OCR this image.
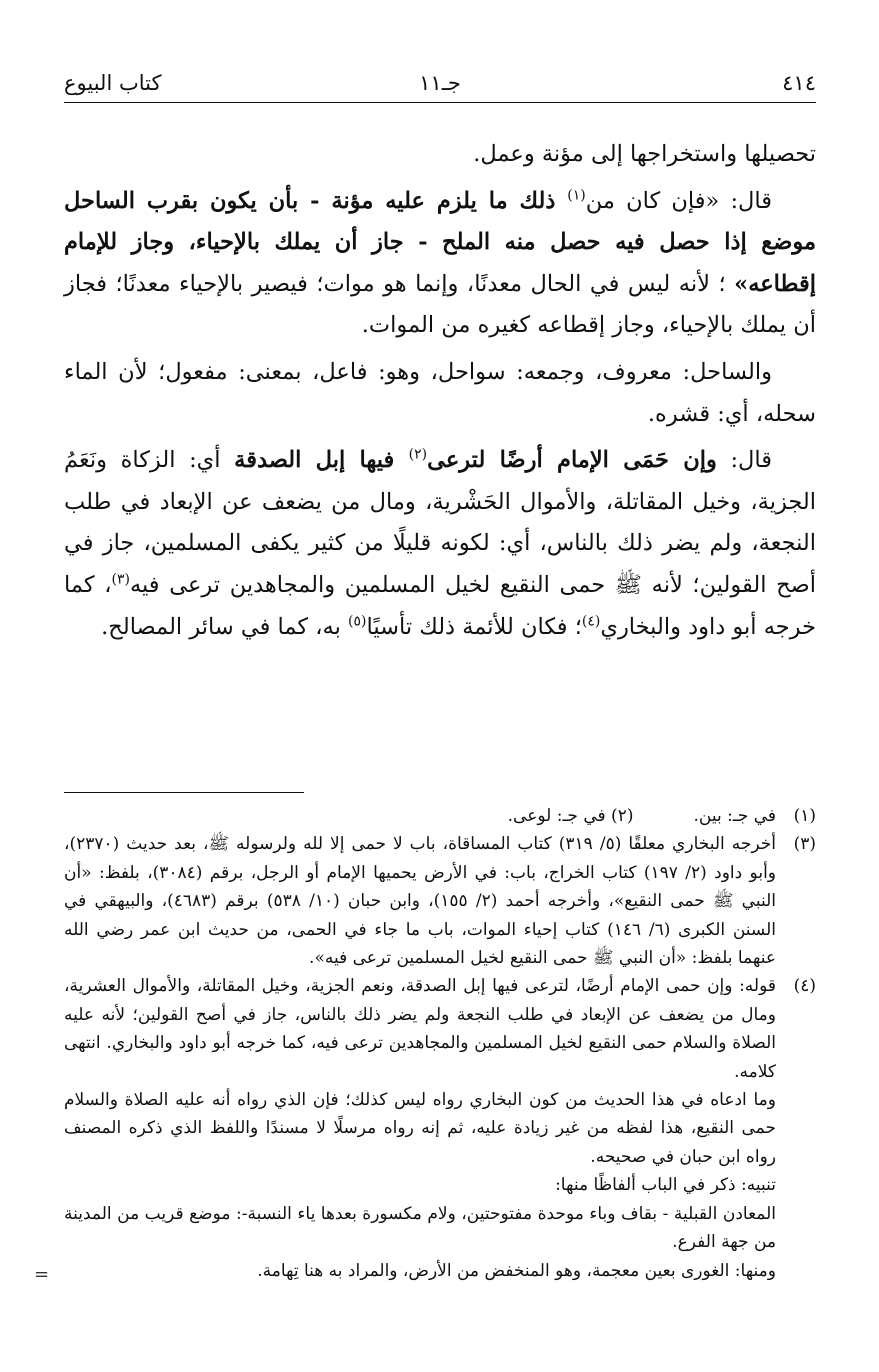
٤١٤
جـ١١
كتاب البيوع

تحصيلها واستخراجها إلى مؤنة وعمل.

قال: «فإن كان من$^{(١)}$ ذلك ما يلزم عليه مؤنة - بأن يكون بقرب الساحل موضع إذا حصل فيه حصل منه الملح - جاز أن يملك بالإحياء، وجاز للإمام إقطاعه» ؛ لأنه ليس في الحال معدنًا، وإنما هو موات؛ فيصير بالإحياء معدنًا؛ فجاز أن يملك بالإحياء، وجاز إقطاعه كغيره من الموات.

والساحل: معروف، وجمعه: سواحل، وهو: فاعل، بمعنى: مفعول؛ لأن الماء سحله، أي: قشره.

قال: وإن حَمَى الإمام أرضًا لترعى$^{(٢)}$ فيها إبل الصدقة أي: الزكاة ونَعَمُ الجزية، وخيل المقاتلة، والأموال الحَشْرية، ومال من يضعف عن الإبعاد في طلب النجعة، ولم يضر ذلك بالناس، أي: لكونه قليلًا من كثير يكفى المسلمين، جاز في أصح القولين؛ لأنه ﷺ حمى النقيع لخيل المسلمين والمجاهدين ترعى فيه$^{(٣)}$، كما خرجه أبو داود والبخاري$^{(٤)}$؛ فكان للأئمة ذلك تأسيًا$^{(٥)}$ به، كما في سائر المصالح.

(١)
في جـ: بين.
(٢) في جـ: لوعى.
(٣)
أخرجه البخاري معلقًا (٥/ ٣١٩) كتاب المساقاة، باب لا حمى إلا لله ولرسوله ﷺ، بعد حديث (٢٣٧٠)، وأبو داود (٢/ ١٩٧) كتاب الخراج، باب: في الأرض يحميها الإمام أو الرجل، برقم (٣٠٨٤)، بلفظ: «أن النبي ﷺ حمى النقيع»، وأخرجه أحمد (٢/ ١٥٥)، وابن حبان (١٠/ ٥٣٨) برقم (٤٦٨٣)، والبيهقي في السنن الكبرى (٦/ ١٤٦) كتاب إحياء الموات، باب ما جاء في الحمى، من حديث ابن عمر رضي الله عنهما بلفظ: «أن النبي ﷺ حمى النقيع لخيل المسلمين ترعى فيه».
(٤)
قوله: وإن حمى الإمام أرضًا، لترعى فيها إبل الصدقة، ونعم الجزية، وخيل المقاتلة، والأموال العشرية، ومال من يضعف عن الإبعاد في طلب النجعة ولم يضر ذلك بالناس، جاز في أصح القولين؛ لأنه عليه الصلاة والسلام حمى النقيع لخيل المسلمين والمجاهدين ترعى فيه، كما خرجه أبو داود والبخاري. انتهى كلامه.

وما ادعاه في هذا الحديث من كون البخاري رواه ليس كذلك؛ فإن الذي رواه أنه عليه الصلاة والسلام حمى النقيع، هذا لفظه من غير زيادة عليه، ثم إنه رواه مرسلًا لا مسندًا واللفظ الذي ذكره المصنف رواه ابن حبان في صحيحه.

تنبيه: ذكر في الباب ألفاظًا منها:

المعادن القبلية - بقاف وباء موحدة مفتوحتين، ولام مكسورة بعدها ياء النسبة-: موضع قريب من المدينة من جهة الفرع.

ومنها: الغورى بعين معجمة، وهو المنخفض من الأرض، والمراد به هنا تِهامة.

=
